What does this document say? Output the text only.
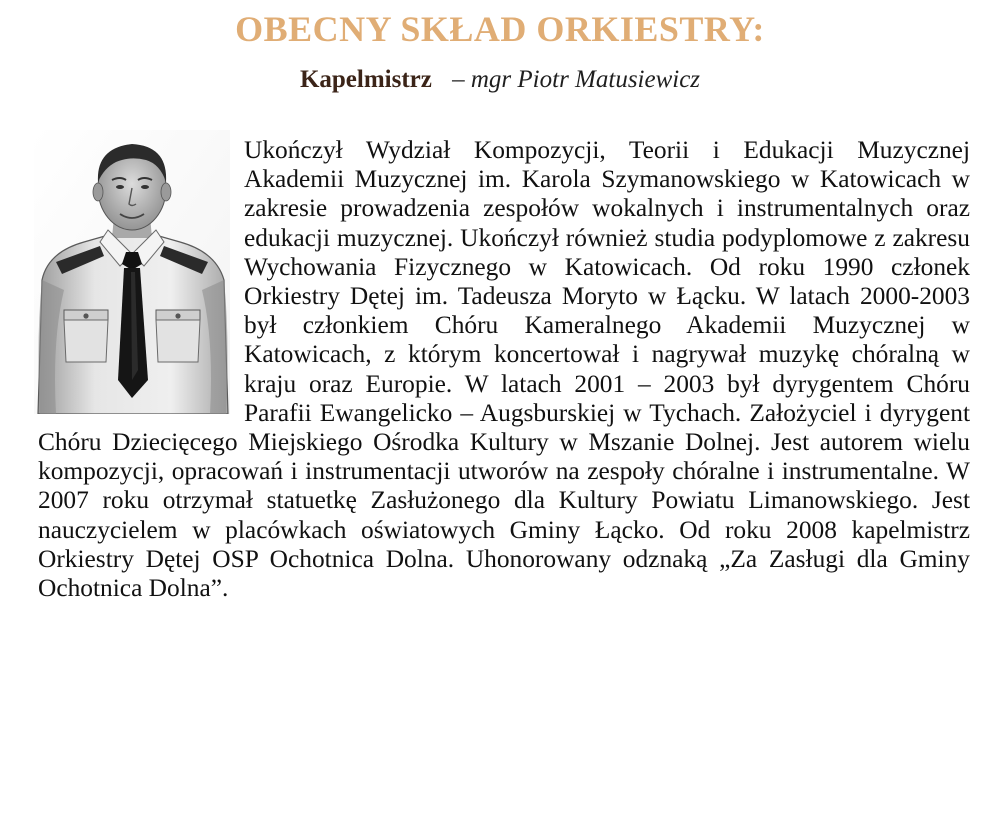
OBECNY SKŁAD ORKIESTRY:
Kapelmistrz – mgr Piotr Matusiewicz
Ukończył Wydział Kompozycji, Teorii i Edukacji Muzycznej Akademii Muzycznej im. Karola Szymanowskiego w Katowicach w zakresie prowadzenia zespołów wokalnych i instrumentalnych oraz edukacji muzycznej. Ukończył również studia podyplomowe z zakresu Wychowania Fizycznego w Katowicach. Od roku 1990 członek Orkiestry Dętej im. Tadeusza Moryto w Łącku. W latach 2000-2003 był członkiem Chóru Kameralnego Akademii Muzycznej w Katowicach, z którym koncertował i nagrywał muzykę chóralną w kraju oraz Europie. W latach 2001 – 2003 był dyrygentem Chóru Parafii Ewangelicko – Augsburskiej w Tychach. Założyciel i dyrygent Chóru Dziecięcego Miejskiego Ośrodka Kultury w Mszanie Dolnej. Jest autorem wielu kompozycji, opracowań i instrumentacji utworów na zespoły chóralne i instrumentalne. W 2007 roku otrzymał statuetkę Zasłużonego dla Kultury Powiatu Limanowskiego. Jest nauczycielem w placówkach oświatowych Gminy Łącko. Od roku 2008 kapelmistrz Orkiestry Dętej OSP Ochotnica Dolna. Uhonorowany odznaką „Za Zasługi dla Gminy Ochotnica Dolna”.
